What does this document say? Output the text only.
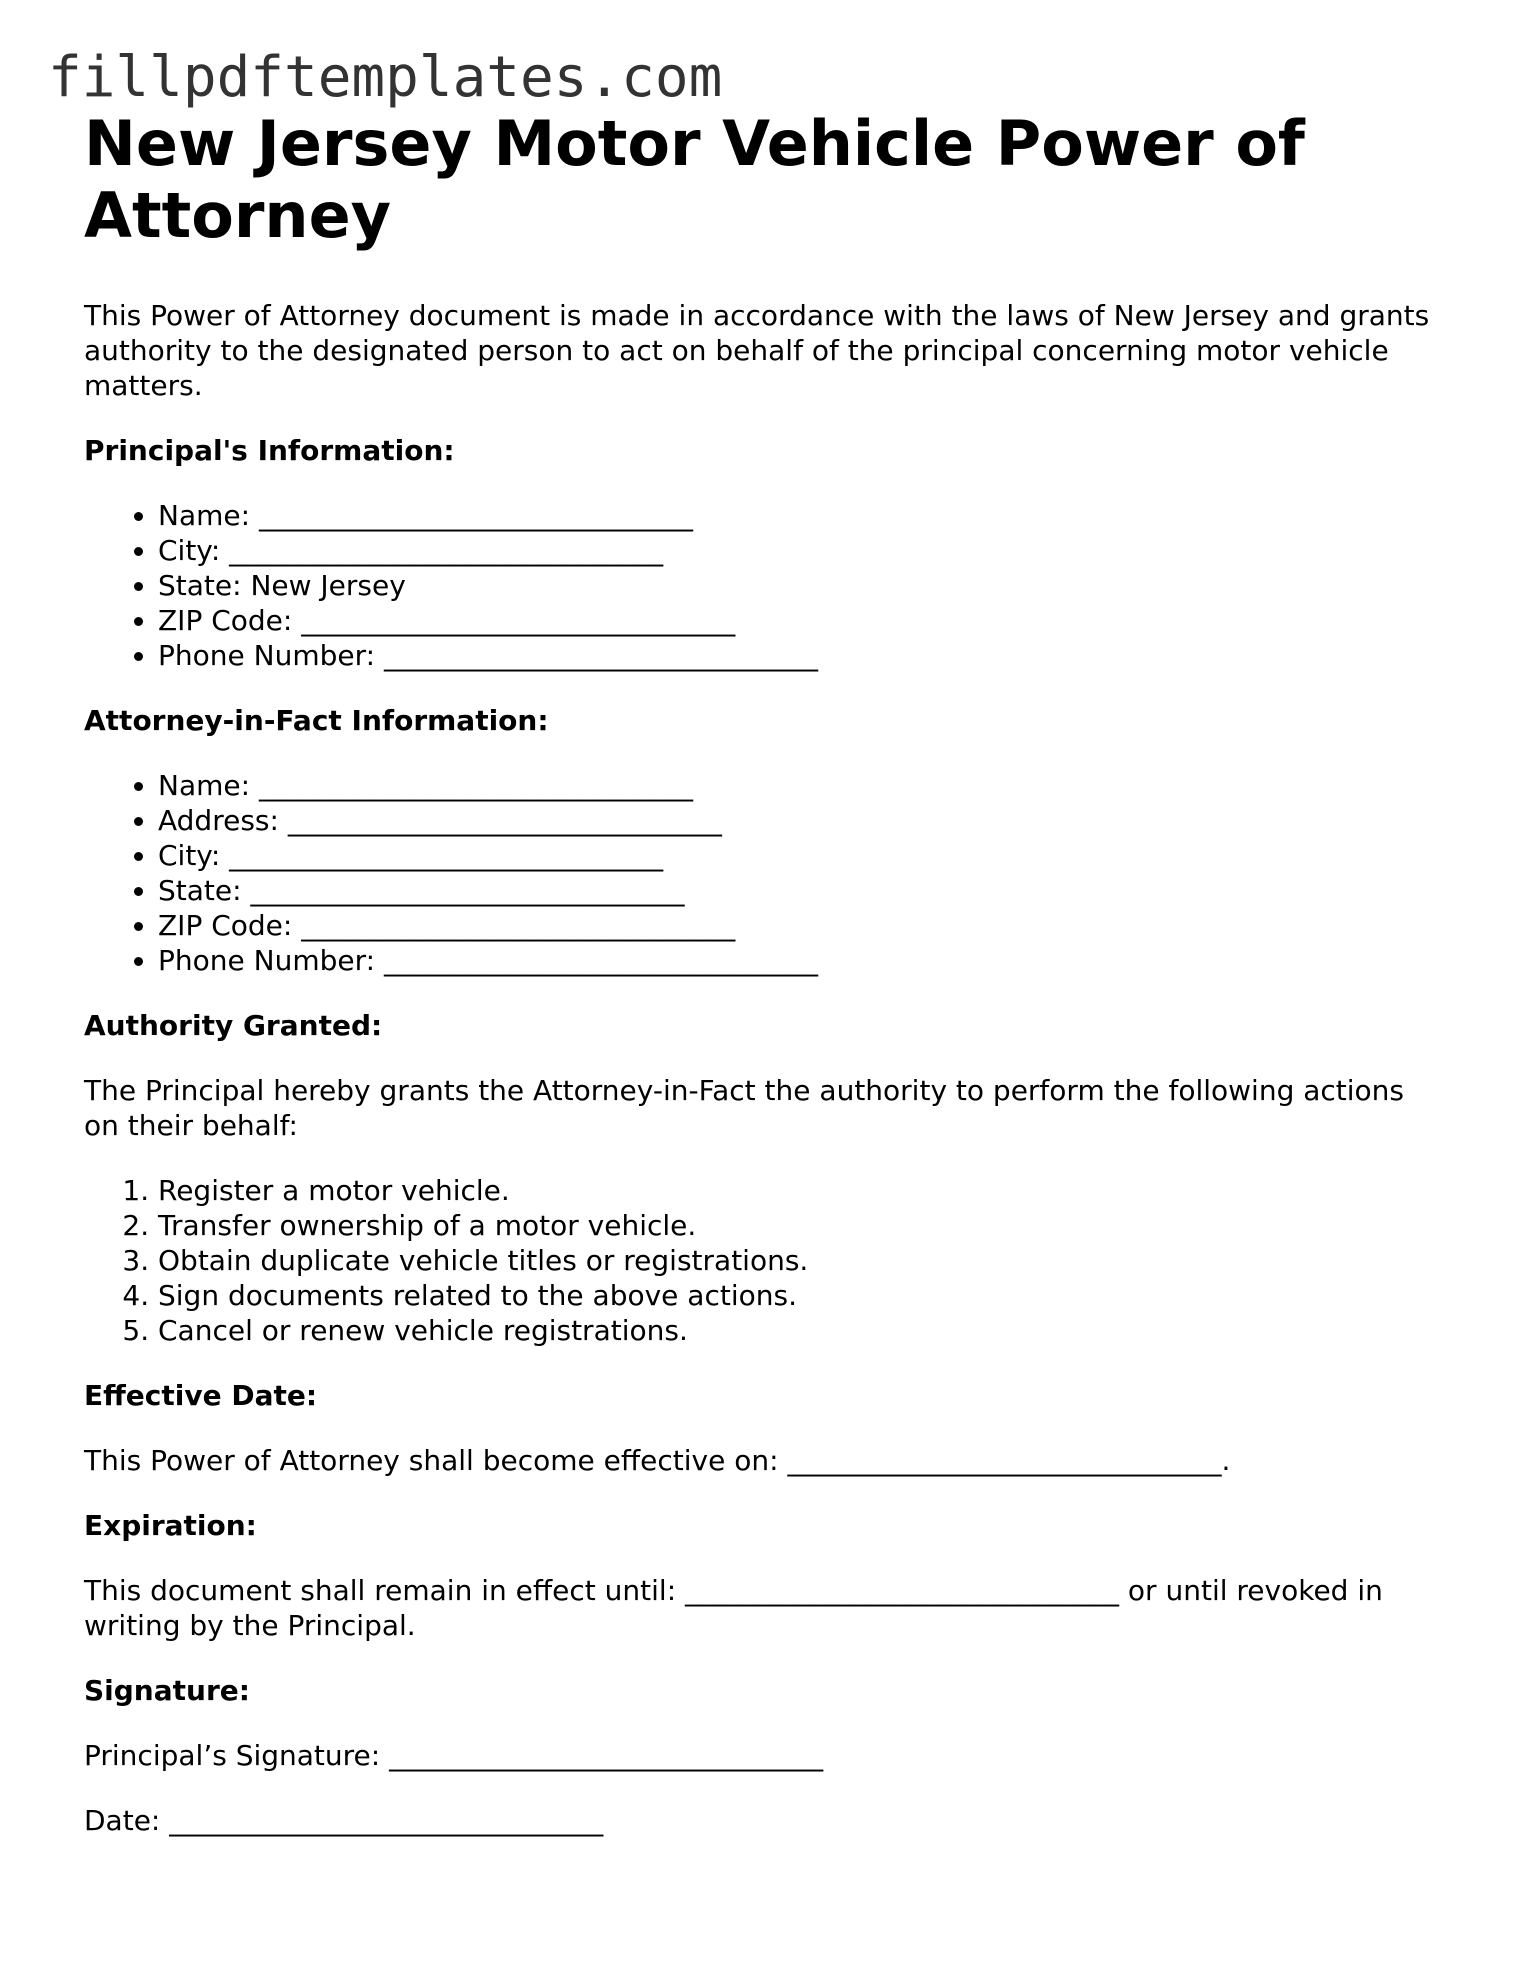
fillpdftemplates.com
New Jersey Motor Vehicle Power of Attorney

This Power of Attorney document is made in accordance with the laws of New Jersey and grants authority to the designated person to act on behalf of the principal concerning motor vehicle matters.

Principal's Information:
• Name: _______________________________
• City: _______________________________
• State: New Jersey
• ZIP Code: _______________________________
• Phone Number: _______________________________
Attorney-in-Fact Information:
• Name: _______________________________
• Address: _______________________________
• City: _______________________________
• State: _______________________________
• ZIP Code: _______________________________
• Phone Number: _______________________________
Authority Granted:

The Principal hereby grants the Attorney-in-Fact the authority to perform the following actions on their behalf:

1. Register a motor vehicle.
2. Transfer ownership of a motor vehicle.
3. Obtain duplicate vehicle titles or registrations.
4. Sign documents related to the above actions.
5. Cancel or renew vehicle registrations.
Effective Date:

This Power of Attorney shall become effective on: _______________________________.

Expiration:

This document shall remain in effect until: _______________________________ or until revoked in writing by the Principal.

Signature:

Principal’s Signature: _______________________________

Date: _______________________________
